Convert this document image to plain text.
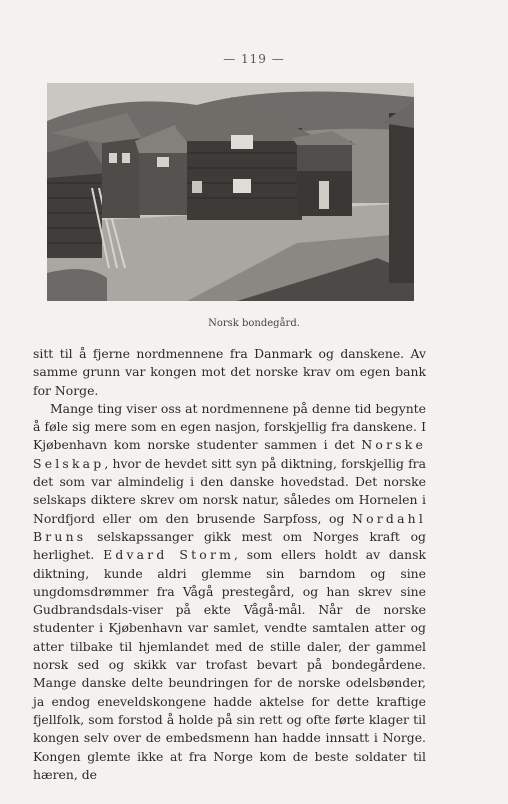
— 119 —
Norsk bondegård.

sitt til å fjerne nordmennene fra Danmark og danskene. Av samme grunn var kongen mot det norske krav om egen bank for Norge.

Mange ting viser oss at nordmennene på denne tid begynte å føle sig mere som en egen nasjon, forskjellig fra danskene. I Kjøbenhavn kom norske studenter sammen i det Norske Selskap, hvor de hevdet sitt syn på diktning, forskjellig fra det som var almindelig i den danske hovedstad. Det norske selskaps diktere skrev om norsk natur, således om Hornelen i Nordfjord eller om den brusende Sarpfoss, og Nordahl Bruns selskapssanger gikk mest om Norges kraft og herlighet. Edvard Storm, som ellers holdt av dansk diktning, kunde aldri glemme sin barndom og sine ungdomsdrømmer fra Vågå prestegård, og han skrev sine Gudbrandsdals-viser på ekte Vågå-mål. Når de norske studenter i Kjøbenhavn var samlet, vendte samtalen atter og atter tilbake til hjemlandet med de stille daler, der gammel norsk sed og skikk var trofast bevart på bondegårdene. Mange danske delte beundringen for de norske odelsbønder, ja endog eneveldskongene hadde aktelse for dette kraftige fjellfolk, som forstod å holde på sin rett og ofte førte klager til kongen selv over de embedsmenn han hadde innsatt i Norge. Kongen glemte ikke at fra Norge kom de beste soldater til hæren, de
